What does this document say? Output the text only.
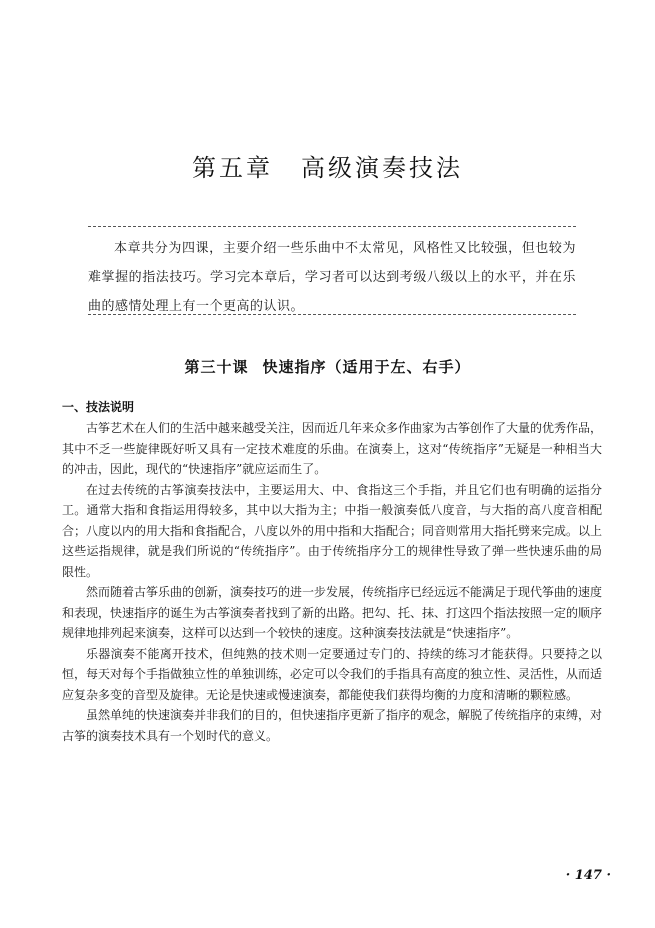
第五章 高级演奏技法
本章共分为四课，主要介绍一些乐曲中不太常见，风格性又比较强，但也较为难掌握的指法技巧。学习完本章后，学习者可以达到考级八级以上的水平，并在乐曲的感情处理上有一个更高的认识。
第三十课 快速指序（适用于左、右手）
一、技法说明

古筝艺术在人们的生活中越来越受关注，因而近几年来众多作曲家为古筝创作了大量的优秀作品，其中不乏一些旋律既好听又具有一定技术难度的乐曲。在演奏上，这对“传统指序”无疑是一种相当大的冲击，因此，现代的“快速指序”就应运而生了。

在过去传统的古筝演奏技法中，主要运用大、中、食指这三个手指，并且它们也有明确的运指分工。通常大指和食指运用得较多，其中以大指为主；中指一般演奏低八度音，与大指的高八度音相配合；八度以内的用大指和食指配合，八度以外的用中指和大指配合；同音则常用大指托劈来完成。以上这些运指规律，就是我们所说的“传统指序”。由于传统指序分工的规律性导致了弹一些快速乐曲的局限性。

然而随着古筝乐曲的创新，演奏技巧的进一步发展，传统指序已经远远不能满足于现代筝曲的速度和表现，快速指序的诞生为古筝演奏者找到了新的出路。把勾、托、抹、打这四个指法按照一定的顺序规律地排列起来演奏，这样可以达到一个较快的速度。这种演奏技法就是“快速指序”。

乐器演奏不能离开技术，但纯熟的技术则一定要通过专门的、持续的练习才能获得。只要持之以恒，每天对每个手指做独立性的单独训练，必定可以令我们的手指具有高度的独立性、灵活性，从而适应复杂多变的音型及旋律。无论是快速或慢速演奏，都能使我们获得均衡的力度和清晰的颗粒感。

虽然单纯的快速演奏并非我们的目的，但快速指序更新了指序的观念，解脱了传统指序的束缚，对古筝的演奏技术具有一个划时代的意义。

· 147 ·
